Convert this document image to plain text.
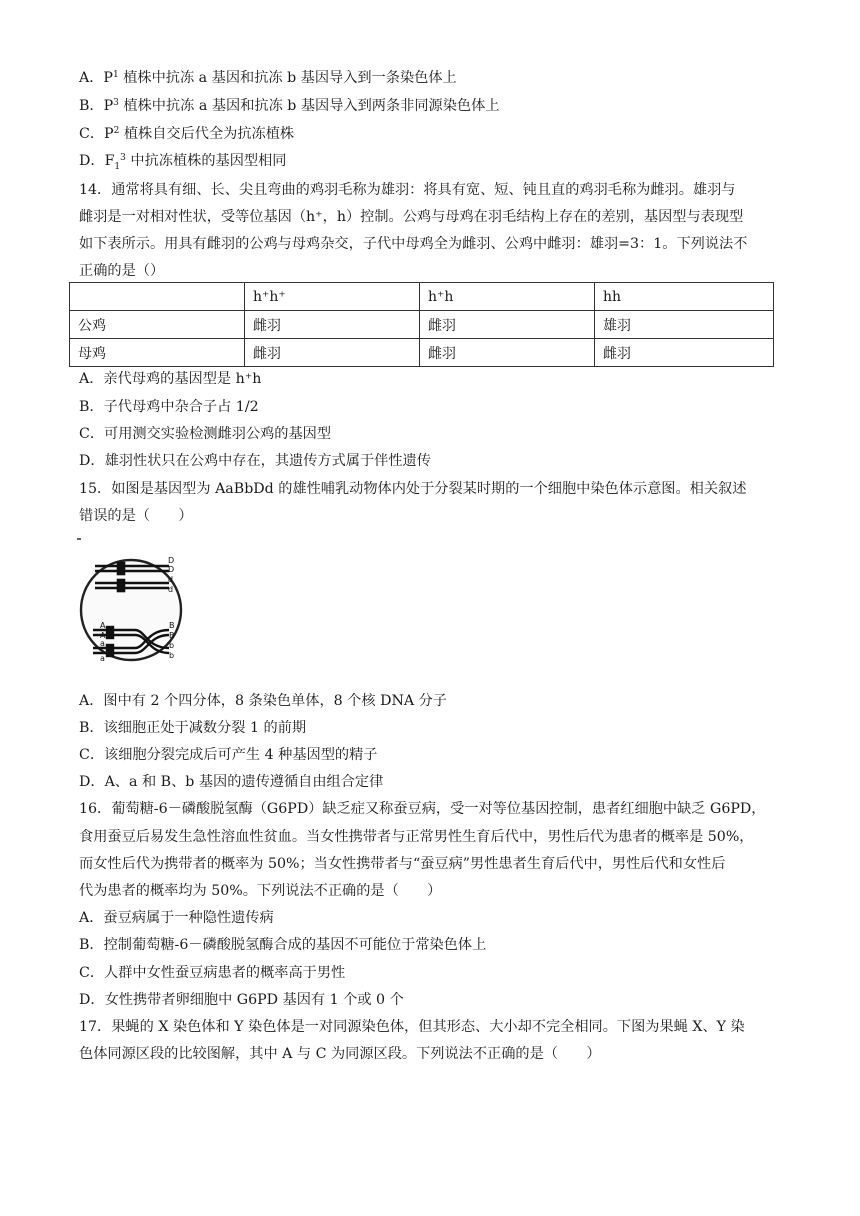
A．$P^1$ 植株中抗冻 a 基因和抗冻 b 基因导入到一条染色体上
B．$P^3$ 植株中抗冻 a 基因和抗冻 b 基因导入到两条非同源染色体上
C．$P^2$ 植株自交后代全为抗冻植株
D．$F_1^3$ 中抗冻植株的基因型相同
14．通常将具有细、长、尖且弯曲的鸡羽毛称为雄羽：将具有宽、短、钝且直的鸡羽毛称为雌羽。雄羽与
雌羽是一对相对性状，受等位基因（h⁺，h）控制。公鸡与母鸡在羽毛结构上存在的差别，基因型与表现型
如下表所示。用具有雌羽的公鸡与母鸡杂交，子代中母鸡全为雌羽、公鸡中雌羽：雄羽=3：1。下列说法不
正确的是（）
	h⁺h⁺	h⁺h	hh
公鸡	雌羽	雌羽	雄羽
母鸡	雌羽	雌羽	雌羽
A．亲代母鸡的基因型是 h⁺h
B．子代母鸡中杂合子占 1/2
C．可用测交实验检测雌羽公鸡的基因型
D．雄羽性状只在公鸡中存在，其遗传方式属于伴性遗传
15．如图是基因型为 AaBbDd 的雄性哺乳动物体内处于分裂某时期的一个细胞中染色体示意图。相关叙述
错误的是（　　）
D
D
d
d
A
A
a
a
B
B
b
b
A．图中有 2 个四分体，8 条染色单体，8 个核 DNA 分子
B．该细胞正处于减数分裂 1 的前期
C．该细胞分裂完成后可产生 4 种基因型的精子
D．A、a 和 B、b 基因的遗传遵循自由组合定律
16．葡萄糖-6－磷酸脱氢酶（G6PD）缺乏症又称蚕豆病，受一对等位基因控制，患者红细胞中缺乏 G6PD，
食用蚕豆后易发生急性溶血性贫血。当女性携带者与正常男性生育后代中，男性后代为患者的概率是 50%，
而女性后代为携带者的概率为 50%；当女性携带者与“蚕豆病”男性患者生育后代中，男性后代和女性后
代为患者的概率均为 50%。下列说法不正确的是（　　）
A．蚕豆病属于一种隐性遗传病
B．控制葡萄糖-6－磷酸脱氢酶合成的基因不可能位于常染色体上
C．人群中女性蚕豆病患者的概率高于男性
D．女性携带者卵细胞中 G6PD 基因有 1 个或 0 个
17．果蝇的 X 染色体和 Y 染色体是一对同源染色体，但其形态、大小却不完全相同。下图为果蝇 X、Y 染
色体同源区段的比较图解，其中 A 与 C 为同源区段。下列说法不正确的是（　　）
